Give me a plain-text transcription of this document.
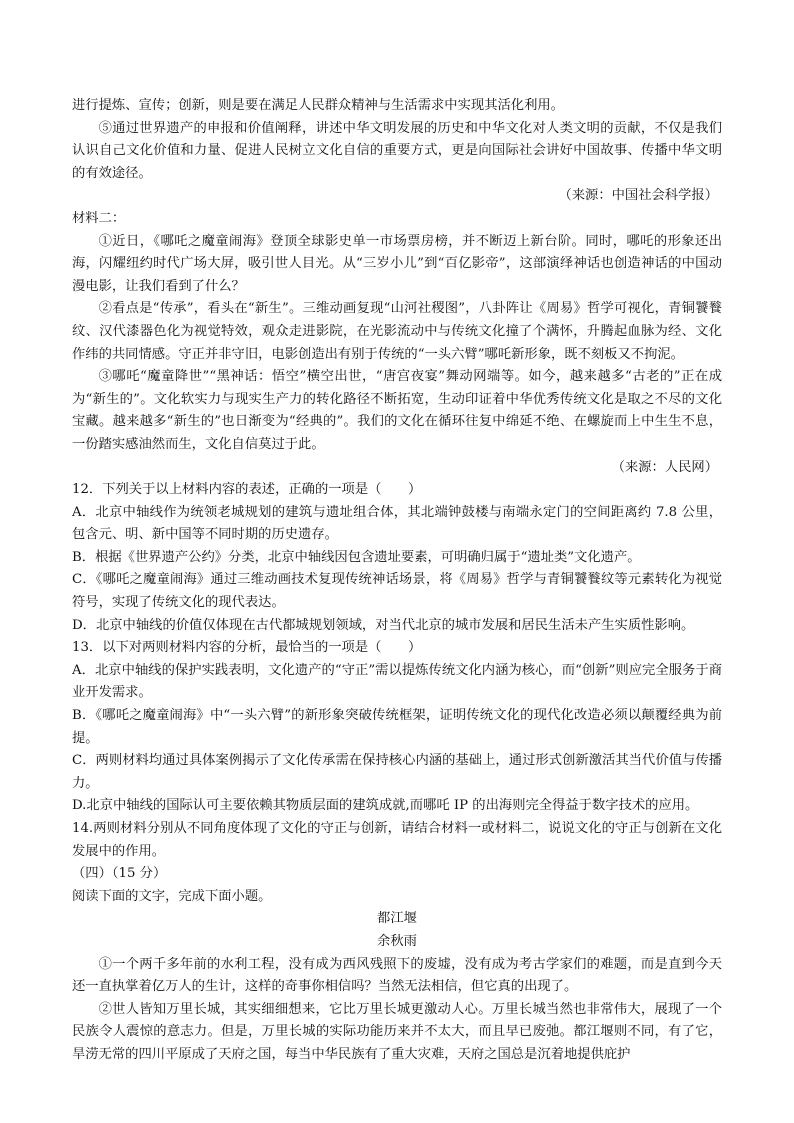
进行提炼、宣传；创新，则是要在满足人民群众精神与生活需求中实现其活化利用。

⑤通过世界遗产的申报和价值阐释，讲述中华文明发展的历史和中华文化对人类文明的贡献，不仅是我们认识自己文化价值和力量、促进人民树立文化自信的重要方式，更是向国际社会讲好中国故事、传播中华文明的有效途径。

（来源：中国社会科学报）

材料二：

①近日，《哪吒之魔童闹海》登顶全球影史单一市场票房榜，并不断迈上新台阶。同时，哪吒的形象还出海，闪耀纽约时代广场大屏，吸引世人目光。从“三岁小儿”到“百亿影帝”，这部演绎神话也创造神话的中国动漫电影，让我们看到了什么？

②看点是“传承”，看头在“新生”。三维动画复现“山河社稷图”，八卦阵让《周易》哲学可视化，青铜饕餮纹、汉代漆器色化为视觉特效，观众走进影院，在光影流动中与传统文化撞了个满怀，升腾起血脉为经、文化作纬的共同情感。守正并非守旧，电影创造出有别于传统的“一头六臂”哪吒新形象，既不刻板又不拘泥。

③哪吒“魔童降世”“黑神话：悟空”横空出世，“唐宫夜宴”舞动网端等。如今，越来越多“古老的”正在成为“新生的”。文化软实力与现实生产力的转化路径不断拓宽，生动印证着中华优秀传统文化是取之不尽的文化宝藏。越来越多“新生的”也日渐变为“经典的”。我们的文化在循环往复中绵延不绝、在螺旋而上中生生不息，一份踏实感油然而生，文化自信莫过于此。

（来源：人民网）

12．下列关于以上材料内容的表述，正确的一项是（　　）

A．北京中轴线作为统领老城规划的建筑与遗址组合体，其北端钟鼓楼与南端永定门的空间距离约 7.8 公里，包含元、明、新中国等不同时期的历史遗存。

B．根据《世界遗产公约》分类，北京中轴线因包含遗址要素，可明确归属于“遗址类”文化遗产。

C．《哪吒之魔童闹海》通过三维动画技术复现传统神话场景，将《周易》哲学与青铜饕餮纹等元素转化为视觉符号，实现了传统文化的现代表达。

D．北京中轴线的价值仅体现在古代都城规划领域，对当代北京的城市发展和居民生活未产生实质性影响。

13．以下对两则材料内容的分析，最恰当的一项是（　　）

A．北京中轴线的保护实践表明，文化遗产的“守正”需以提炼传统文化内涵为核心，而“创新”则应完全服务于商业开发需求。

B．《哪吒之魔童闹海》中“一头六臂”的新形象突破传统框架，证明传统文化的现代化改造必须以颠覆经典为前提。

C．两则材料均通过具体案例揭示了文化传承需在保持核心内涵的基础上，通过形式创新激活其当代价值与传播力。

D.北京中轴线的国际认可主要依赖其物质层面的建筑成就,而哪吒 IP 的出海则完全得益于数字技术的应用。

14.两则材料分别从不同角度体现了文化的守正与创新，请结合材料一或材料二，说说文化的守正与创新在文化发展中的作用。

（四）（15 分）

阅读下面的文字，完成下面小题。

都江堰

余秋雨

①一个两千多年前的水利工程，没有成为西风残照下的废墟，没有成为考古学家们的难题，而是直到今天还一直执掌着亿万人的生计，这样的奇事你相信吗？当然无法相信，但它真的出现了。

②世人皆知万里长城，其实细细想来，它比万里长城更激动人心。万里长城当然也非常伟大，展现了一个民族令人震惊的意志力。但是，万里长城的实际功能历来并不太大，而且早已废弛。都江堰则不同，有了它，旱涝无常的四川平原成了天府之国，每当中华民族有了重大灾难，天府之国总是沉着地提供庇护
